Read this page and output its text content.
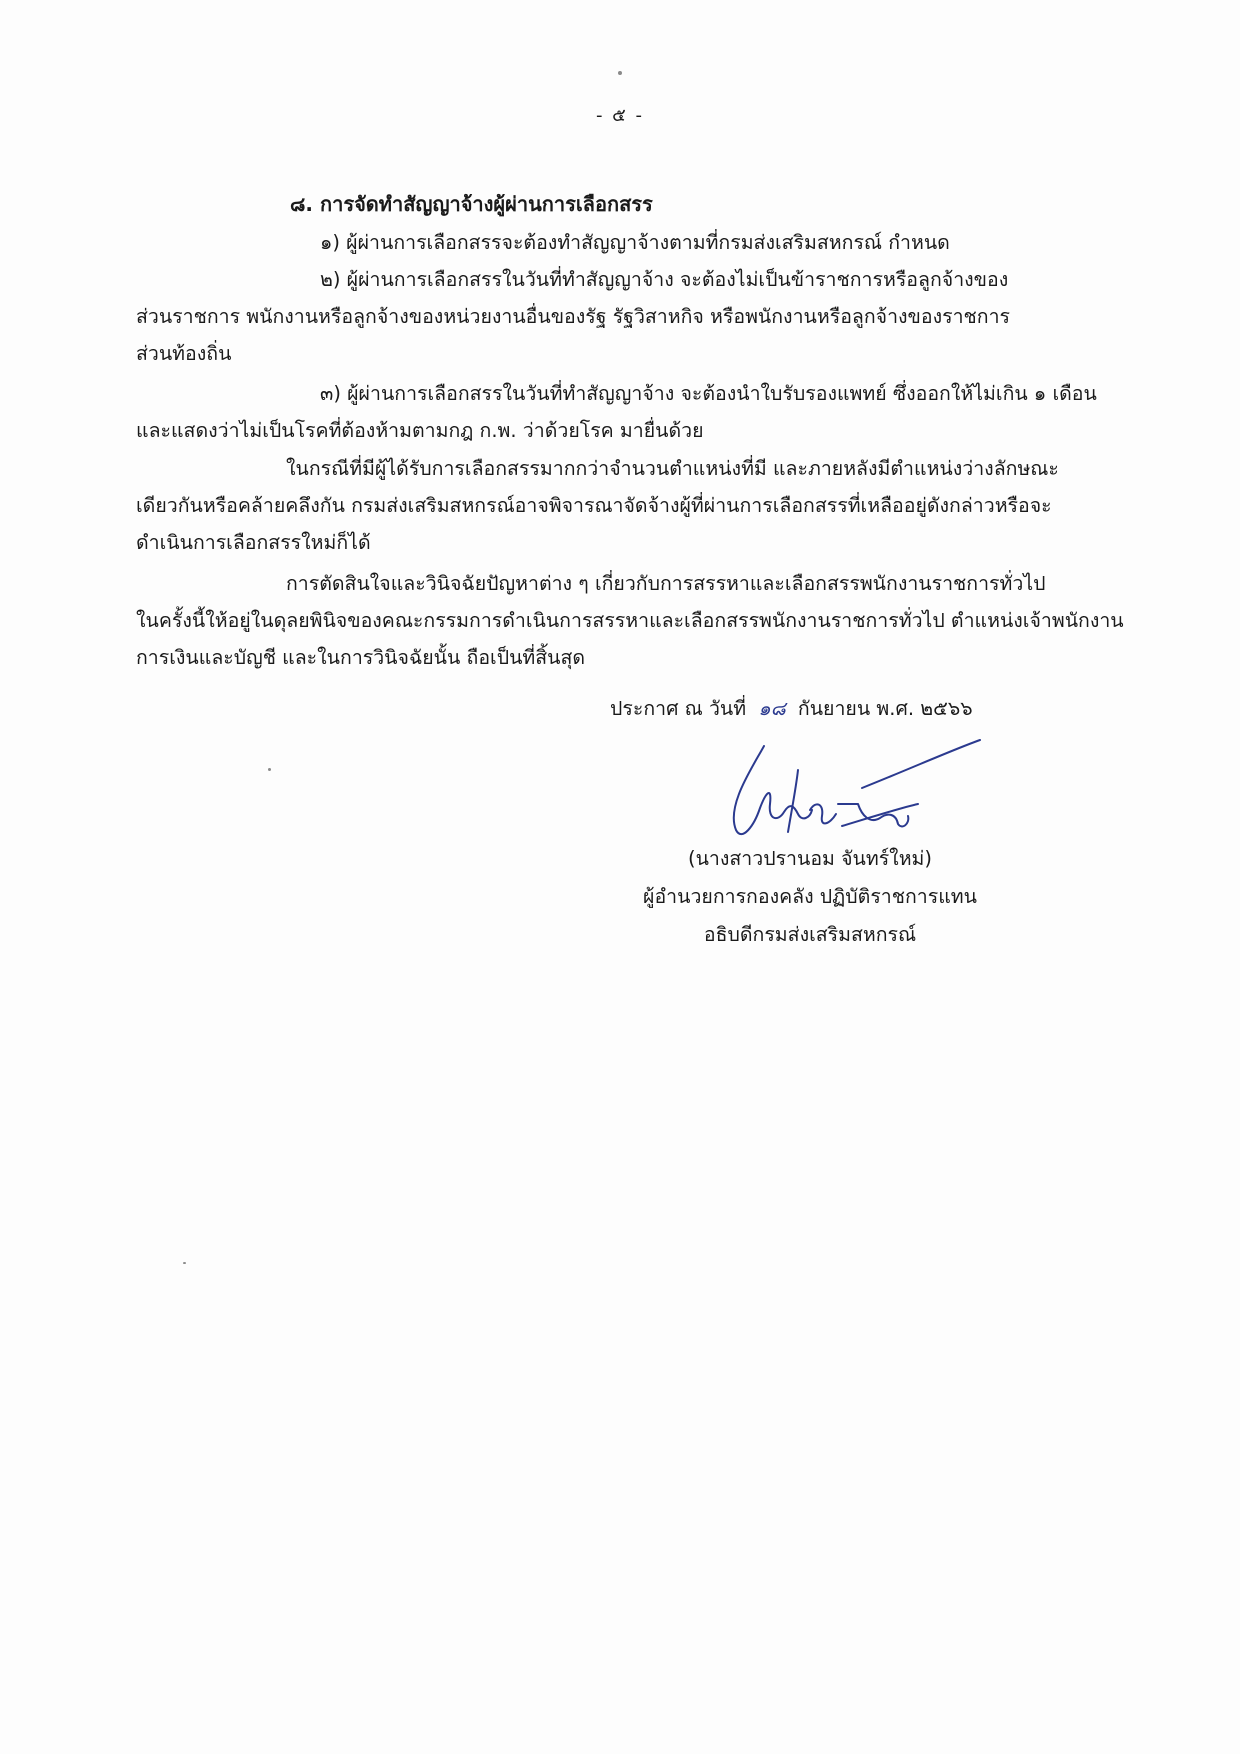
- ๕ -
๘. การจัดทำสัญญาจ้างผู้ผ่านการเลือกสรร

๑) ผู้ผ่านการเลือกสรรจะต้องทำสัญญาจ้างตามที่กรมส่งเสริมสหกรณ์ กำหนด

๒) ผู้ผ่านการเลือกสรรในวันที่ทำสัญญาจ้าง จะต้องไม่เป็นข้าราชการหรือลูกจ้างของ
ส่วนราชการ พนักงานหรือลูกจ้างของหน่วยงานอื่นของรัฐ รัฐวิสาหกิจ หรือพนักงานหรือลูกจ้างของราชการ
ส่วนท้องถิ่น
๓) ผู้ผ่านการเลือกสรรในวันที่ทำสัญญาจ้าง จะต้องนำใบรับรองแพทย์ ซึ่งออกให้ไม่เกิน ๑ เดือน
และแสดงว่าไม่เป็นโรคที่ต้องห้ามตามกฎ ก.พ. ว่าด้วยโรค มายื่นด้วย
ในกรณีที่มีผู้ได้รับการเลือกสรรมากกว่าจำนวนตำแหน่งที่มี และภายหลังมีตำแหน่งว่างลักษณะ
เดียวกันหรือคล้ายคลึงกัน กรมส่งเสริมสหกรณ์อาจพิจารณาจัดจ้างผู้ที่ผ่านการเลือกสรรที่เหลืออยู่ดังกล่าวหรือจะ
ดำเนินการเลือกสรรใหม่ก็ได้
การตัดสินใจและวินิจฉัยปัญหาต่าง ๆ เกี่ยวกับการสรรหาและเลือกสรรพนักงานราชการทั่วไป
ในครั้งนี้ให้อยู่ในดุลยพินิจของคณะกรรมการดำเนินการสรรหาและเลือกสรรพนักงานราชการทั่วไป ตำแหน่งเจ้าพนักงาน
การเงินและบัญชี และในการวินิจฉัยนั้น ถือเป็นที่สิ้นสุด
ประกาศ ณ วันที่ ๑๘ กันยายน พ.ศ. ๒๕๖๖
(นางสาวปรานอม จันทร์ใหม่)
ผู้อำนวยการกองคลัง ปฏิบัติราชการแทน
อธิบดีกรมส่งเสริมสหกรณ์
